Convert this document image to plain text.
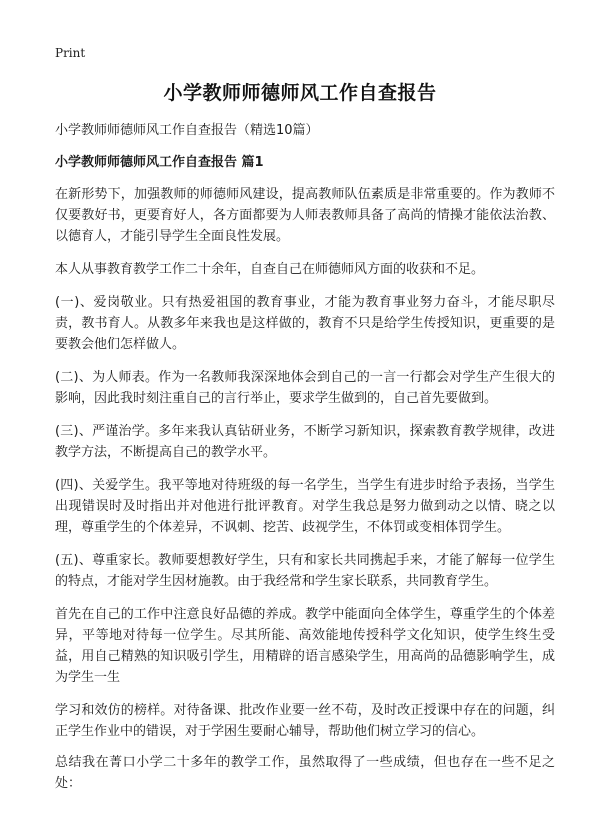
Print
小学教师师德师风工作自查报告
小学教师师德师风工作自查报告（精选10篇）
小学教师师德师风工作自查报告 篇1

在新形势下，加强教师的师德师风建设，提高教师队伍素质是非常重要的。作为教师不仅要教好书，更要育好人，各方面都要为人师表教师具备了高尚的情操才能依法治教、以德育人，才能引导学生全面良性发展。

本人从事教育教学工作二十余年，自查自己在师德师风方面的收获和不足。

(一)、爱岗敬业。只有热爱祖国的教育事业，才能为教育事业努力奋斗，才能尽职尽责，教书育人。从教多年来我也是这样做的，教育不只是给学生传授知识，更重要的是要教会他们怎样做人。

(二)、为人师表。作为一名教师我深深地体会到自己的一言一行都会对学生产生很大的影响，因此我时刻注重自己的言行举止，要求学生做到的，自己首先要做到。

(三)、严谨治学。多年来我认真钻研业务，不断学习新知识，探索教育教学规律，改进教学方法，不断提高自己的教学水平。

(四)、关爱学生。我平等地对待班级的每一名学生，当学生有进步时给予表扬，当学生出现错误时及时指出并对他进行批评教育。对学生我总是努力做到动之以情、晓之以理，尊重学生的个体差异，不讽刺、挖苦、歧视学生，不体罚或变相体罚学生。

(五)、尊重家长。教师要想教好学生，只有和家长共同携起手来，才能了解每一位学生的特点，才能对学生因材施教。由于我经常和学生家长联系，共同教育学生。

首先在自己的工作中注意良好品德的养成。教学中能面向全体学生，尊重学生的个体差异，平等地对待每一位学生。尽其所能、高效能地传授科学文化知识，使学生终生受益，用自己精熟的知识吸引学生，用精辟的语言感染学生，用高尚的品德影响学生，成为学生一生

学习和效仿的榜样。对待备课、批改作业要一丝不苟，及时改正授课中存在的问题，纠正学生作业中的错误，对于学困生要耐心辅导，帮助他们树立学习的信心。

总结我在菁口小学二十多年的教学工作，虽然取得了一些成绩，但也存在一些不足之处：
